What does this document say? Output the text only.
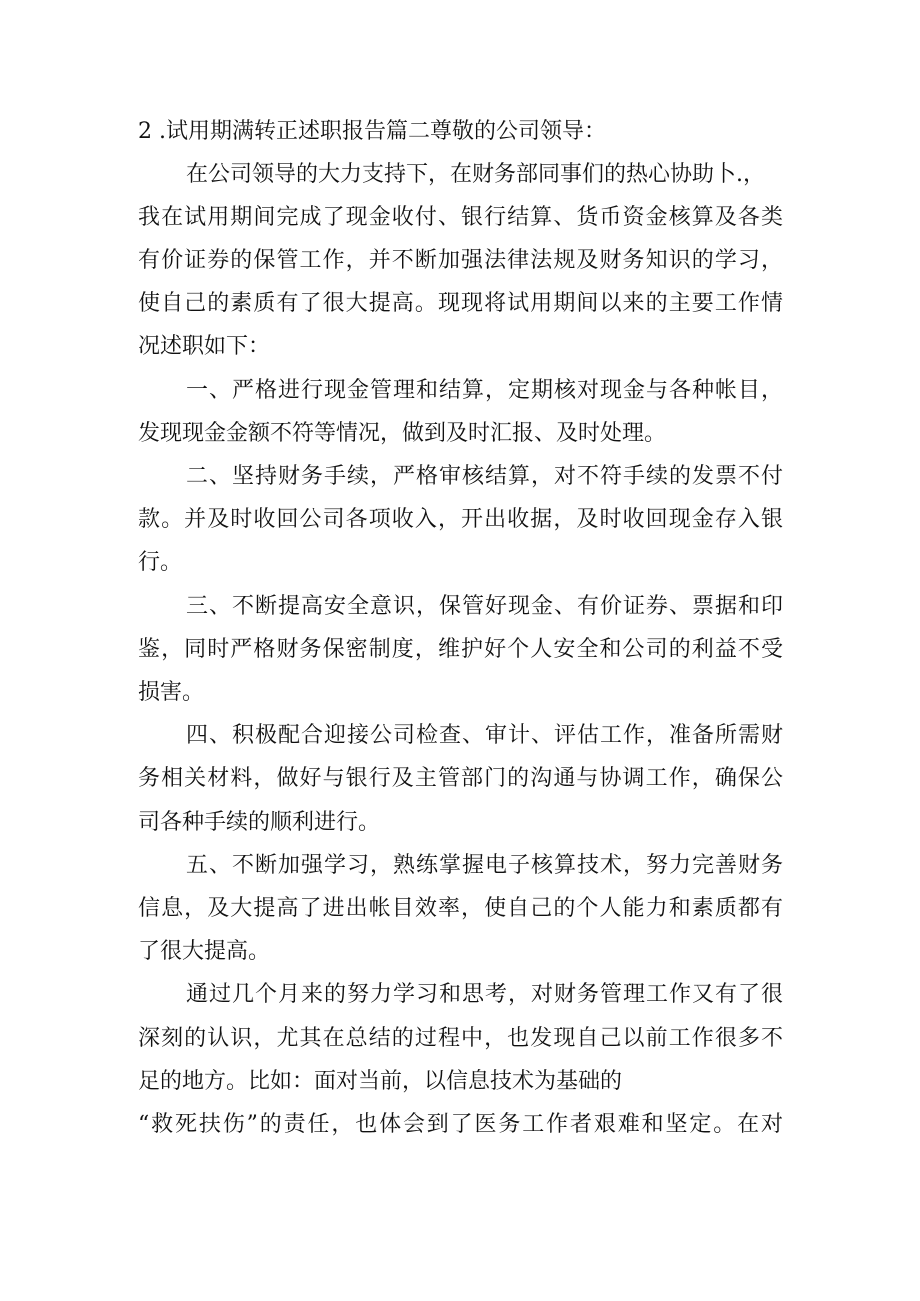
2 .试用期满转正述职报告篇二尊敬的公司领导：

在公司领导的大力支持下，在财务部同事们的热心协助卜.，

我在试用期间完成了现金收付、银行结算、货币资金核算及各类

有价证券的保管工作，并不断加强法律法规及财务知识的学习，

使自己的素质有了很大提高。现现将试用期间以来的主要工作情

况述职如下：

一、严格进行现金管理和结算，定期核对现金与各种帐目，

发现现金金额不符等情况，做到及时汇报、及时处理。

二、坚持财务手续，严格审核结算，对不符手续的发票不付

款。并及时收回公司各项收入，开出收据，及时收回现金存入银

行。

三、不断提高安全意识，保管好现金、有价证券、票据和印

鉴，同时严格财务保密制度，维护好个人安全和公司的利益不受

损害。

四、积极配合迎接公司检查、审计、评估工作，准备所需财

务相关材料，做好与银行及主管部门的沟通与协调工作，确保公

司各种手续的顺利进行。

五、不断加强学习，熟练掌握电子核算技术，努力完善财务

信息，及大提高了进出帐目效率，使自己的个人能力和素质都有

了很大提高。

通过几个月来的努力学习和思考，对财务管理工作又有了很

深刻的认识，尤其在总结的过程中，也发现自己以前工作很多不

足的地方。比如：面对当前，以信息技术为基础的

“救死扶伤”的责任，也体会到了医务工作者艰难和坚定。在对
